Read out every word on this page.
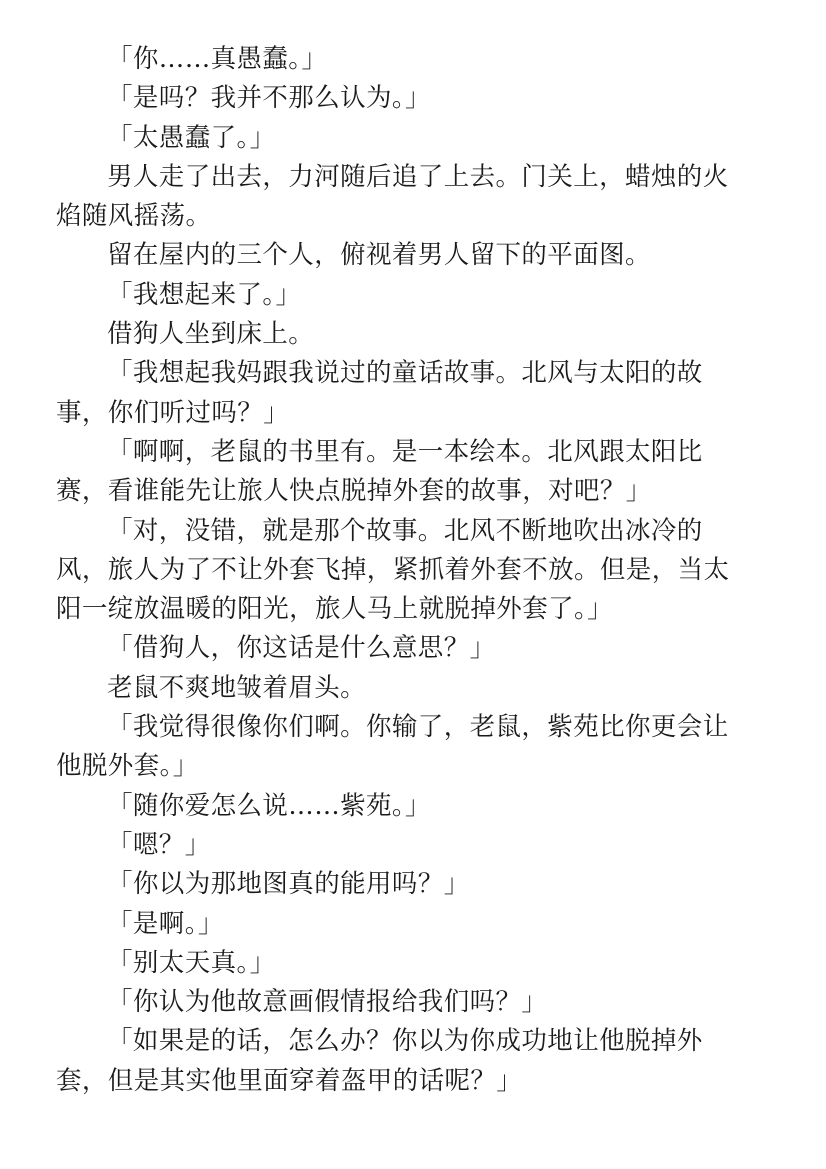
「你……真愚蠢。」

「是吗？我并不那么认为。」

「太愚蠢了。」

男人走了出去，力河随后追了上去。门关上，蜡烛的火焰随风摇荡。

留在屋内的三个人，俯视着男人留下的平面图。

「我想起来了。」

借狗人坐到床上。

「我想起我妈跟我说过的童话故事。北风与太阳的故事，你们听过吗？」

「啊啊，老鼠的书里有。是一本绘本。北风跟太阳比赛，看谁能先让旅人快点脱掉外套的故事，对吧？」

「对，没错，就是那个故事。北风不断地吹出冰冷的风，旅人为了不让外套飞掉，紧抓着外套不放。但是，当太阳一绽放温暖的阳光，旅人马上就脱掉外套了。」

「借狗人，你这话是什么意思？」

老鼠不爽地皱着眉头。

「我觉得很像你们啊。你输了，老鼠，紫苑比你更会让他脱外套。」

「随你爱怎么说……紫苑。」

「嗯？」

「你以为那地图真的能用吗？」

「是啊。」

「别太天真。」

「你认为他故意画假情报给我们吗？」

「如果是的话，怎么办？你以为你成功地让他脱掉外套，但是其实他里面穿着盔甲的话呢？」
